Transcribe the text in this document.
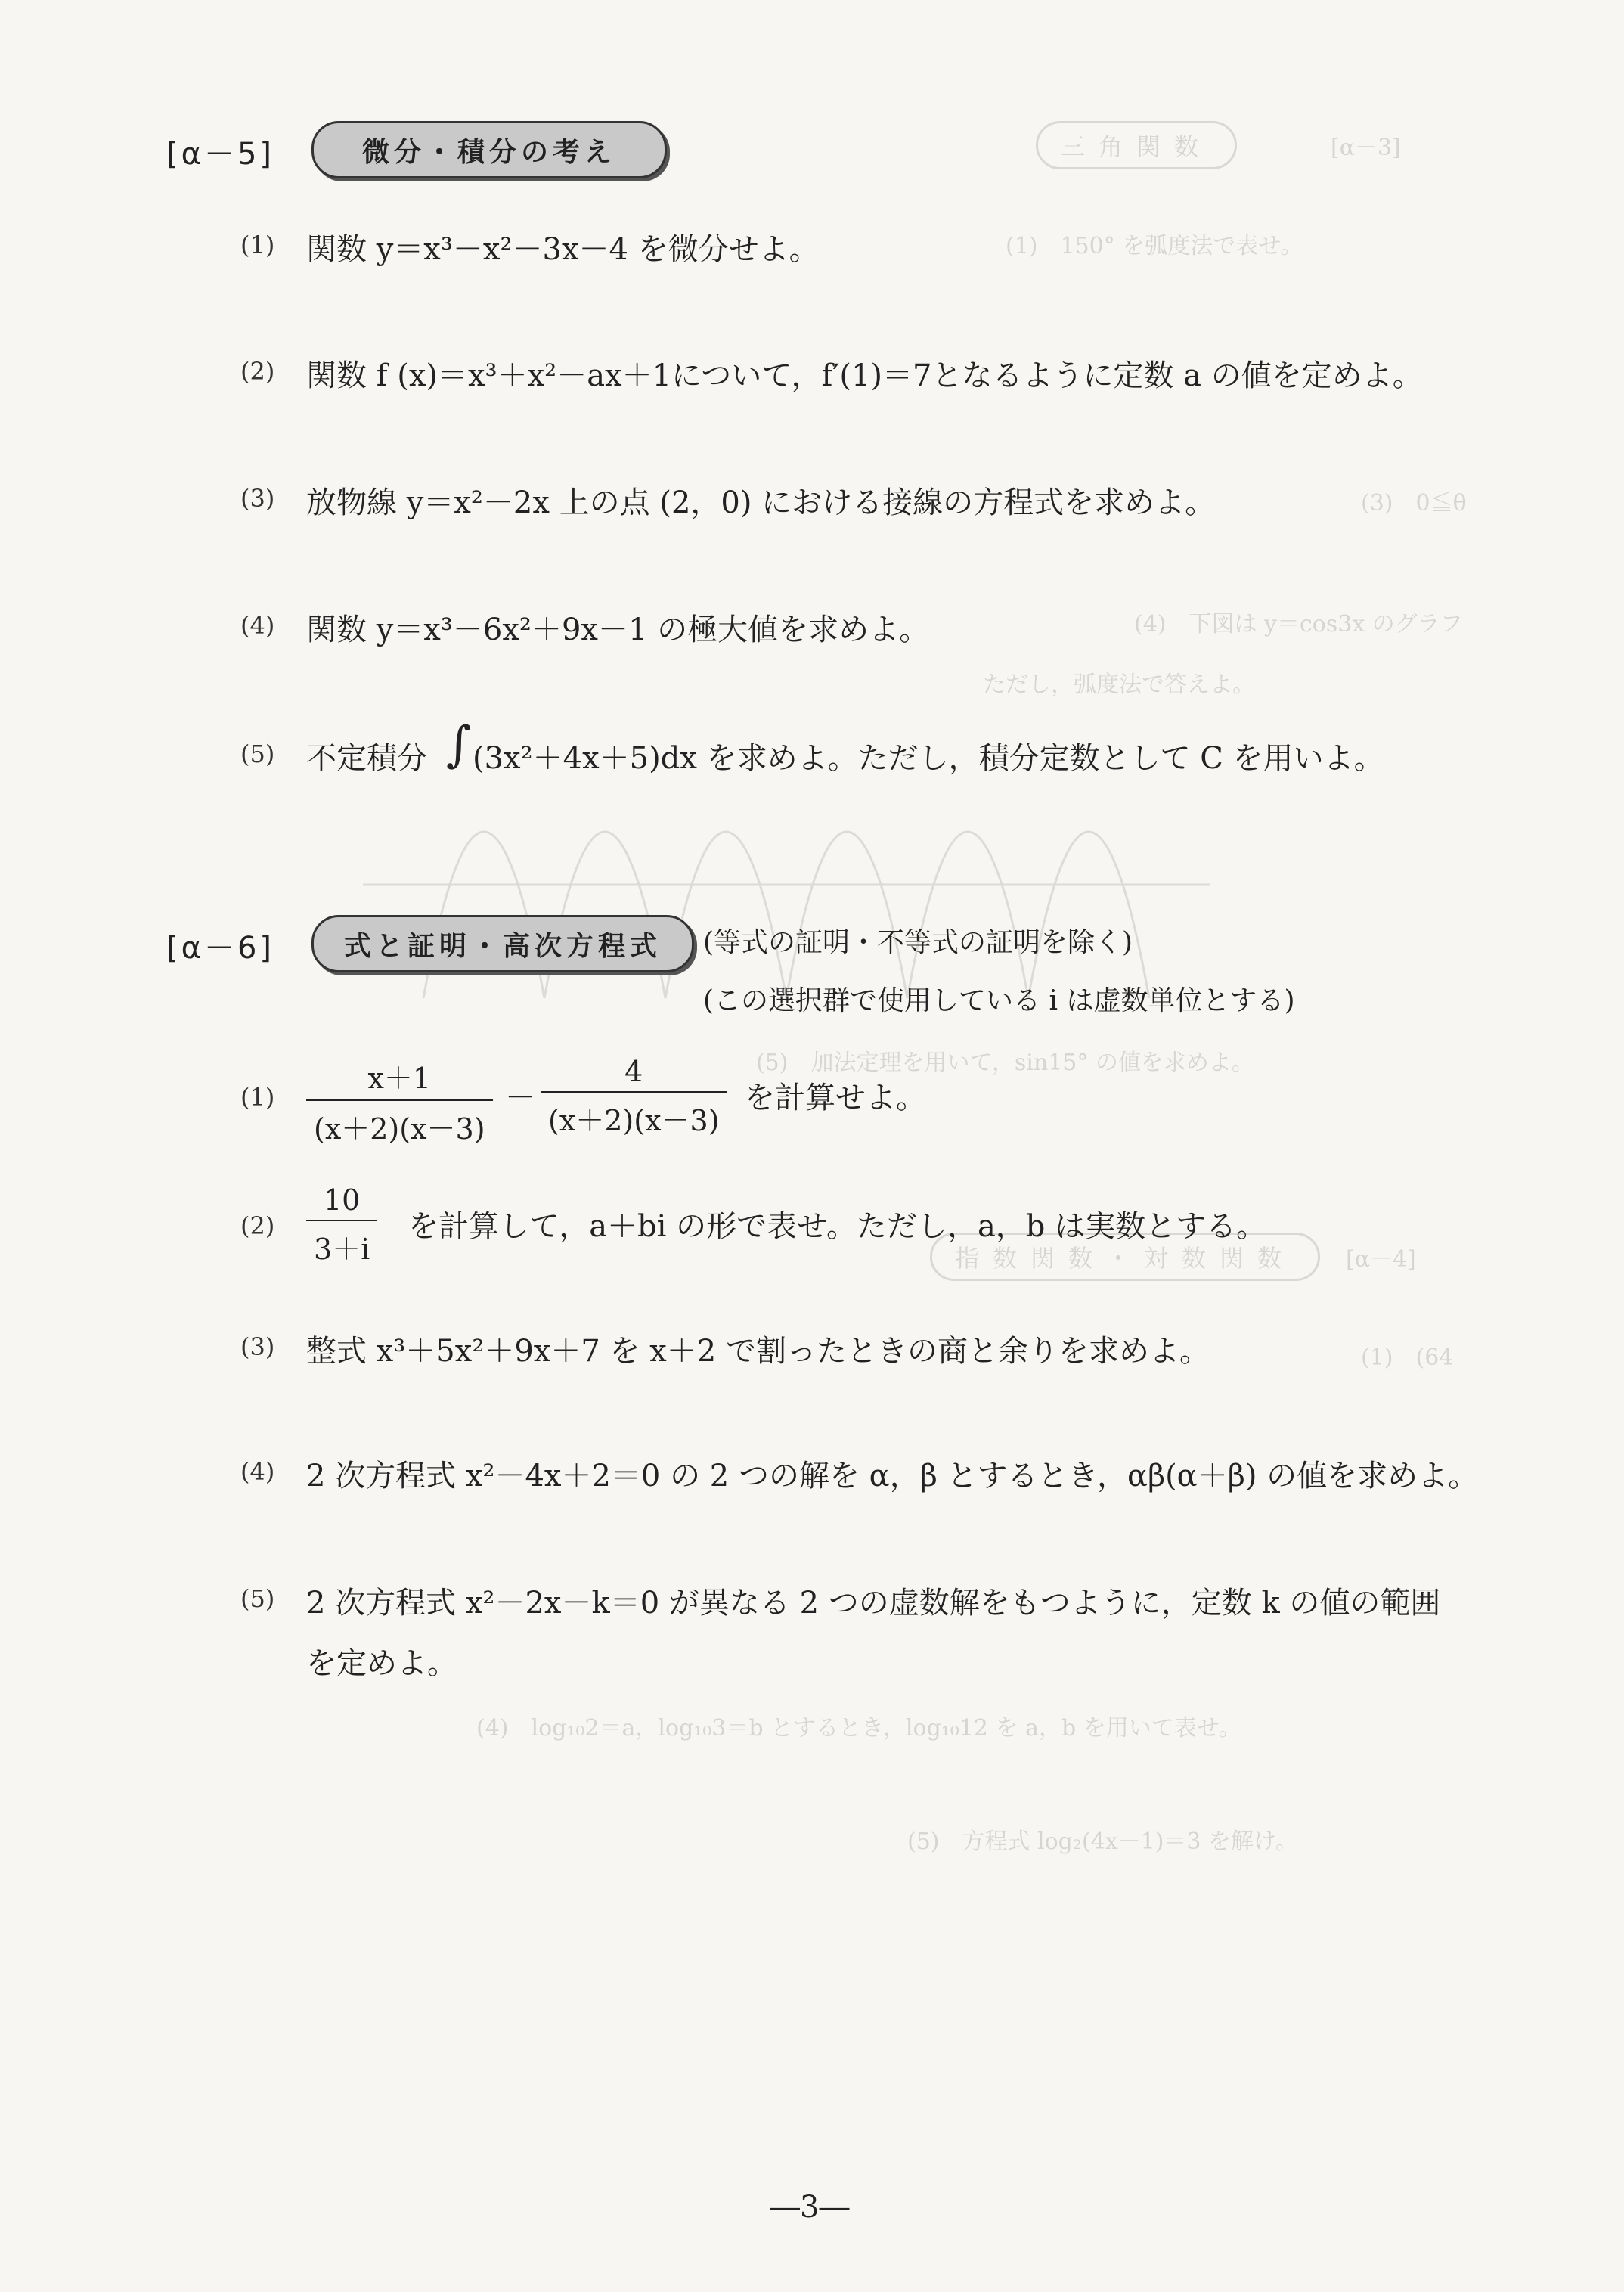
三角関数	[α－3]
(1)　150° を弧度法で表せ。
(3)　0≦θ
(4)　下図は y＝cos3x のグラフ
ただし，弧度法で答えよ。
(5)　加法定理を用いて，sin15° の値を求めよ。
指数関数・対数関数	[α－4]
(1)　(64
(4)　log₁₀2＝a，log₁₀3＝b とするとき，log₁₀12 を a，b を用いて表せ。
(5)　方程式 log₂(4x－1)＝3 を解け。
[α－5]	微分・積分の考え
(1) 関数 y＝x³－x²－3x－4 を微分せよ。
(2) 関数 f (x)＝x³＋x²－ax＋1について，f′(1)＝7となるように定数 a の値を定めよ。
(3) 放物線 y＝x²－2x 上の点 (2，0) における接線の方程式を求めよ。
(4) 関数 y＝x³－6x²＋9x－1 の極大値を求めよ。
(5) 不定積分 ∫ (3x²＋4x＋5)dx を求めよ。ただし，積分定数として C を用いよ。
[α－6]	式と証明・高次方程式	(等式の証明・不等式の証明を除く)
(この選択群で使用している i は虚数単位とする)
$(1) \frac{x+1}{(x+2)(x-3)} - \frac{4}{(x+2)(x-3)}$ を計算せよ。
$(2) \frac{10}{3+i}$ を計算して，a＋bi の形で表せ。ただし，a，b は実数とする。
(3) 整式 x³＋5x²＋9x＋7 を x＋2 で割ったときの商と余りを求めよ。
(4) 2 次方程式 x²－4x＋2＝0 の 2 つの解を α，β とするとき，αβ(α＋β) の値を求めよ。
(5) 2 次方程式 x²－2x－k＝0 が異なる 2 つの虚数解をもつように，定数 k の値の範囲
を定めよ。
―3―
